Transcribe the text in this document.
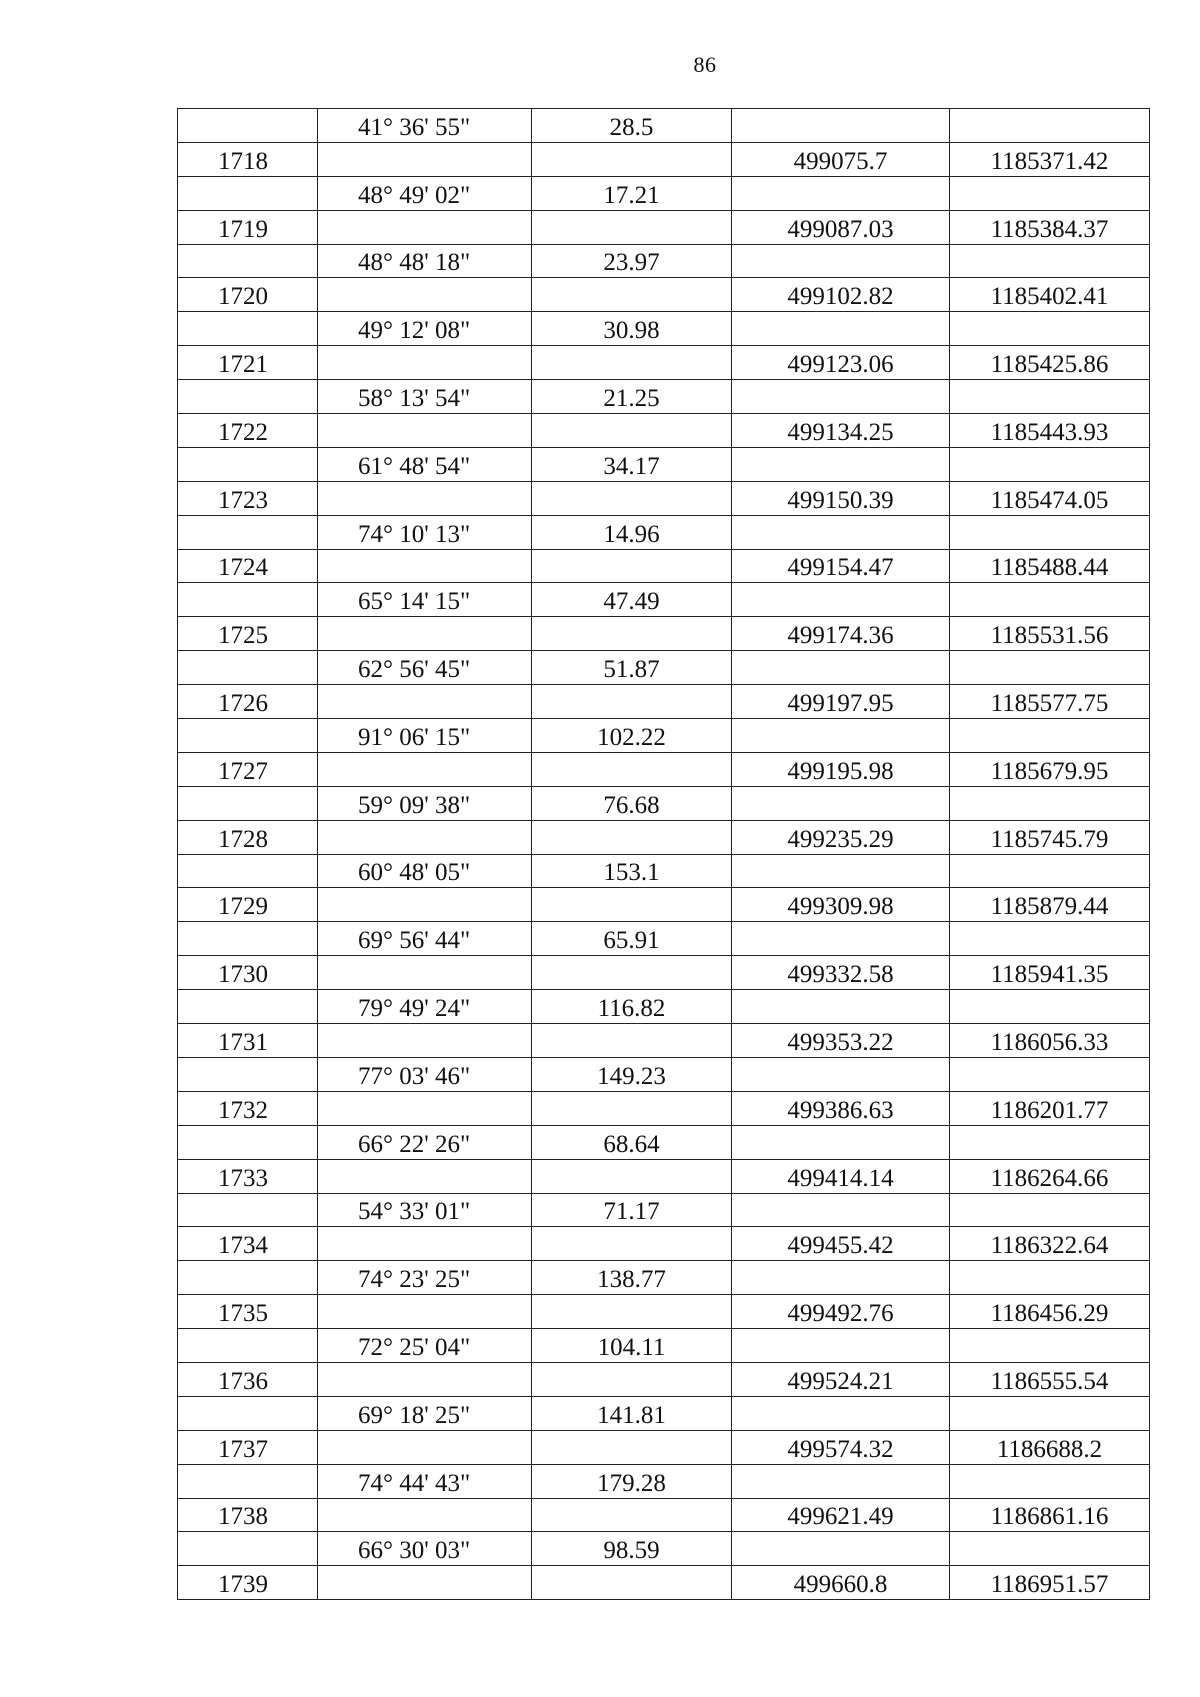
86
	41° 36' 55"	28.5		
1718			499075.7	1185371.42
	48° 49' 02"	17.21		
1719			499087.03	1185384.37
	48° 48' 18"	23.97		
1720			499102.82	1185402.41
	49° 12' 08"	30.98		
1721			499123.06	1185425.86
	58° 13' 54"	21.25		
1722			499134.25	1185443.93
	61° 48' 54"	34.17		
1723			499150.39	1185474.05
	74° 10' 13"	14.96		
1724			499154.47	1185488.44
	65° 14' 15"	47.49		
1725			499174.36	1185531.56
	62° 56' 45"	51.87		
1726			499197.95	1185577.75
	91° 06' 15"	102.22		
1727			499195.98	1185679.95
	59° 09' 38"	76.68		
1728			499235.29	1185745.79
	60° 48' 05"	153.1		
1729			499309.98	1185879.44
	69° 56' 44"	65.91		
1730			499332.58	1185941.35
	79° 49' 24"	116.82		
1731			499353.22	1186056.33
	77° 03' 46"	149.23		
1732			499386.63	1186201.77
	66° 22' 26"	68.64		
1733			499414.14	1186264.66
	54° 33' 01"	71.17		
1734			499455.42	1186322.64
	74° 23' 25"	138.77		
1735			499492.76	1186456.29
	72° 25' 04"	104.11		
1736			499524.21	1186555.54
	69° 18' 25"	141.81		
1737			499574.32	1186688.2
	74° 44' 43"	179.28		
1738			499621.49	1186861.16
	66° 30' 03"	98.59		
1739			499660.8	1186951.57
